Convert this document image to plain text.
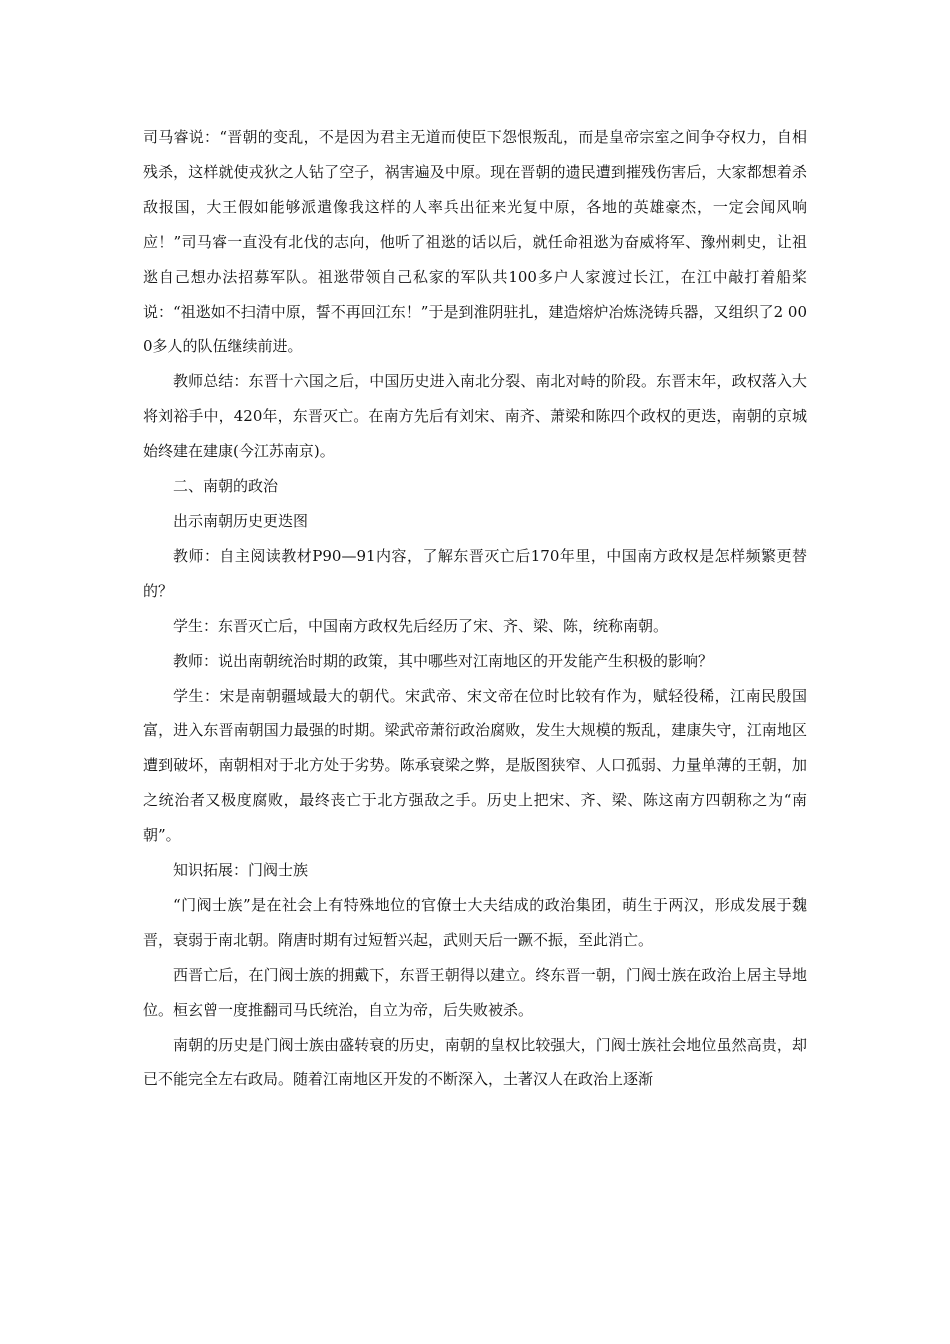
司马睿说：“晋朝的变乱，不是因为君主无道而使臣下怨恨叛乱，而是皇帝宗室之间争夺权力，自相残杀，这样就使戎狄之人钻了空子，祸害遍及中原。现在晋朝的遗民遭到摧残伤害后，大家都想着杀敌报国，大王假如能够派遣像我这样的人率兵出征来光复中原，各地的英雄豪杰，一定会闻风响应！”司马睿一直没有北伐的志向，他听了祖逖的话以后，就任命祖逖为奋威将军、豫州刺史，让祖逖自己想办法招募军队。祖逖带领自己私家的军队共100多户人家渡过长江，在江中敲打着船桨说：“祖逖如不扫清中原，誓不再回江东！”于是到淮阴驻扎，建造熔炉冶炼浇铸兵器，又组织了2 000多人的队伍继续前进。

教师总结：东晋十六国之后，中国历史进入南北分裂、南北对峙的阶段。东晋末年，政权落入大将刘裕手中，420年，东晋灭亡。在南方先后有刘宋、南齐、萧梁和陈四个政权的更迭，南朝的京城始终建在建康(今江苏南京)。

二、南朝的政治

出示南朝历史更迭图

教师：自主阅读教材P90—91内容，了解东晋灭亡后170年里，中国南方政权是怎样频繁更替的？

学生：东晋灭亡后，中国南方政权先后经历了宋、齐、梁、陈，统称南朝。

教师：说出南朝统治时期的政策，其中哪些对江南地区的开发能产生积极的影响？

学生：宋是南朝疆域最大的朝代。宋武帝、宋文帝在位时比较有作为，赋轻役稀，江南民殷国富，进入东晋南朝国力最强的时期。梁武帝萧衍政治腐败，发生大规模的叛乱，建康失守，江南地区遭到破坏，南朝相对于北方处于劣势。陈承衰梁之弊，是版图狭窄、人口孤弱、力量单薄的王朝，加之统治者又极度腐败，最终丧亡于北方强敌之手。历史上把宋、齐、梁、陈这南方四朝称之为“南朝”。

知识拓展：门阀士族

“门阀士族”是在社会上有特殊地位的官僚士大夫结成的政治集团，萌生于两汉，形成发展于魏晋，衰弱于南北朝。隋唐时期有过短暂兴起，武则天后一蹶不振，至此消亡。

西晋亡后，在门阀士族的拥戴下，东晋王朝得以建立。终东晋一朝，门阀士族在政治上居主导地位。桓玄曾一度推翻司马氏统治，自立为帝，后失败被杀。

南朝的历史是门阀士族由盛转衰的历史，南朝的皇权比较强大，门阀士族社会地位虽然高贵，却已不能完全左右政局。随着江南地区开发的不断深入，土著汉人在政治上逐渐
